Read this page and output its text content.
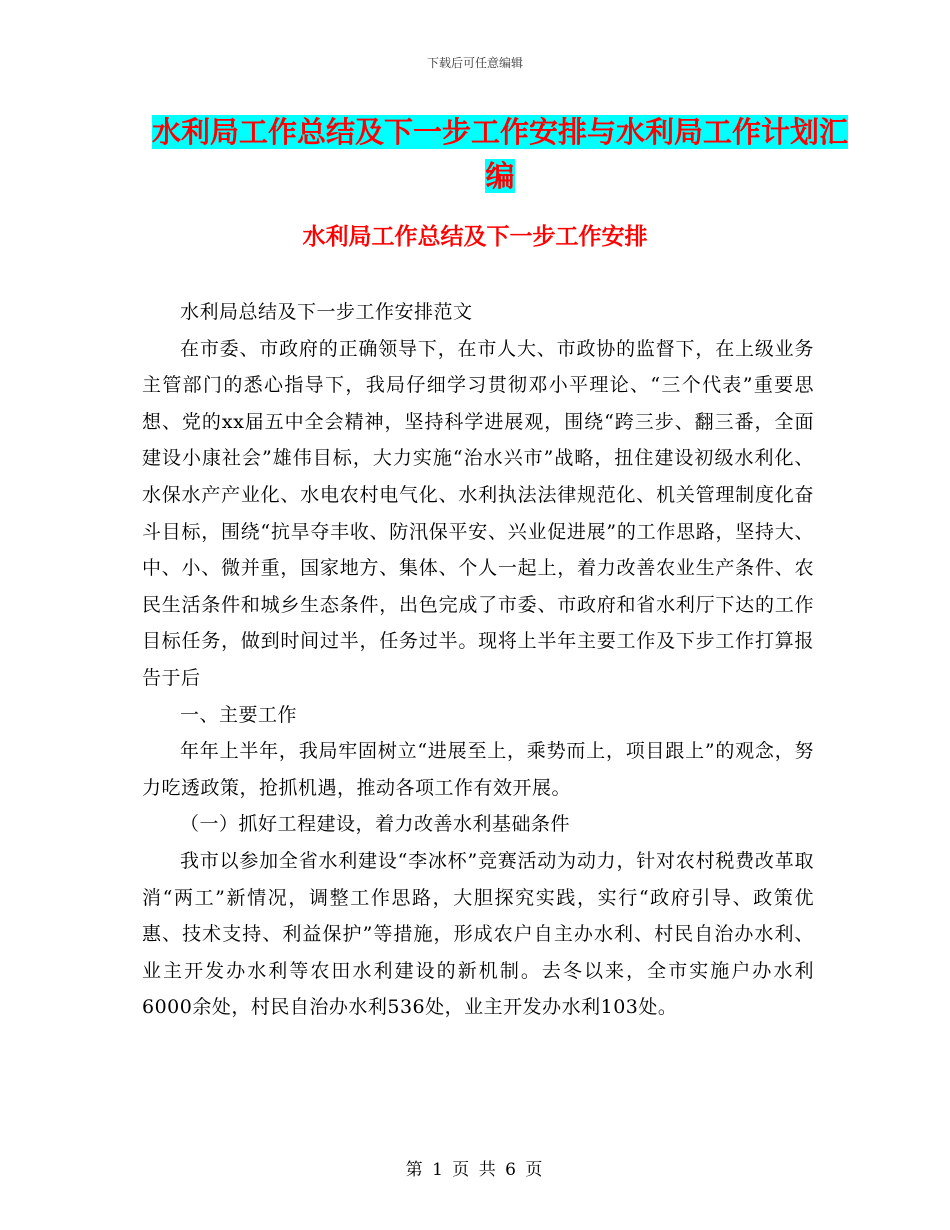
下载后可任意编辑
水利局工作总结及下一步工作安排与水利局工作计划汇编
水利局工作总结及下一步工作安排

水利局总结及下一步工作安排范文

在市委、市政府的正确领导下，在市人大、市政协的监督下，在上级业务主管部门的悉心指导下，我局仔细学习贯彻邓小平理论、“三个代表”重要思想、党的xx届五中全会精神，坚持科学进展观，围绕“跨三步、翻三番，全面建设小康社会”雄伟目标，大力实施“治水兴市”战略，扭住建设初级水利化、水保水产产业化、水电农村电气化、水利执法法律规范化、机关管理制度化奋斗目标，围绕“抗旱夺丰收、防汛保平安、兴业促进展”的工作思路，坚持大、中、小、微并重，国家地方、集体、个人一起上，着力改善农业生产条件、农民生活条件和城乡生态条件，出色完成了市委、市政府和省水利厅下达的工作目标任务，做到时间过半，任务过半。现将上半年主要工作及下步工作打算报告于后

一、主要工作

年年上半年，我局牢固树立“进展至上，乘势而上，项目跟上”的观念，努力吃透政策，抢抓机遇，推动各项工作有效开展。

（一）抓好工程建设，着力改善水利基础条件

我市以参加全省水利建设“李冰杯”竞赛活动为动力，针对农村税费改革取消“两工”新情况，调整工作思路，大胆探究实践，实行“政府引导、政策优惠、技术支持、利益保护”等措施，形成农户自主办水利、村民自治办水利、业主开发办水利等农田水利建设的新机制。去冬以来，全市实施户办水利6000余处，村民自治办水利536处，业主开发办水利103处。

第 1 页 共 6 页
